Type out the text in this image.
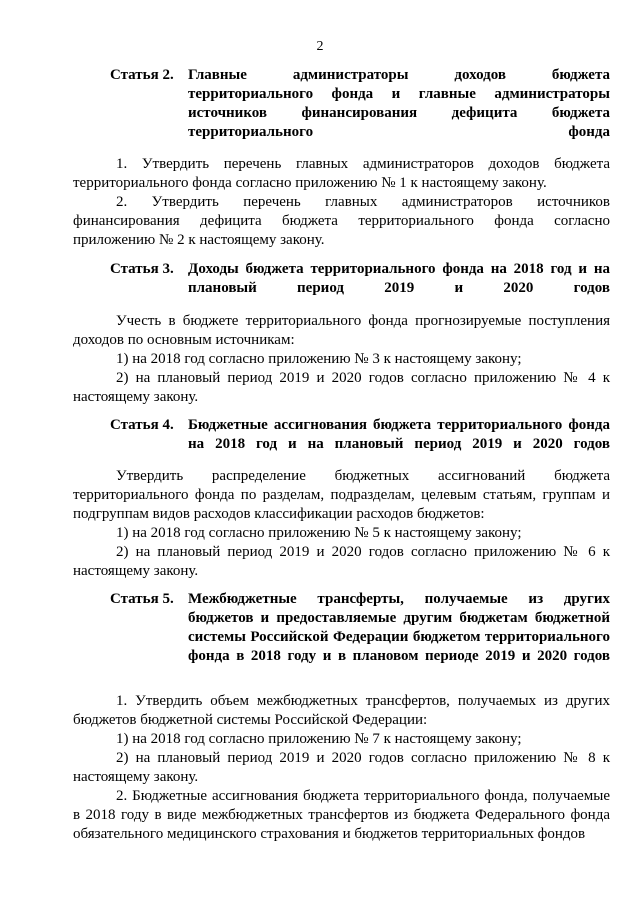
2
Статья 2. Главные администраторы доходов бюджета территориального фонда и главные администраторы источников финансирования дефицита бюджета территориального фонда
1. Утвердить перечень главных администраторов доходов бюджета территориального фонда согласно приложению № 1 к настоящему закону.
2. Утвердить перечень главных администраторов источников финансирования дефицита бюджета территориального фонда согласно приложению № 2 к настоящему закону.
Статья 3. Доходы бюджета территориального фонда на 2018 год и на плановый период 2019 и 2020 годов
Учесть в бюджете территориального фонда прогнозируемые поступления доходов по основным источникам:
1) на 2018 год согласно приложению № 3 к настоящему закону;
2) на плановый период 2019 и 2020 годов согласно приложению № 4 к настоящему закону.
Статья 4. Бюджетные ассигнования бюджета территориального фонда на 2018 год и на плановый период 2019 и 2020 годов
Утвердить распределение бюджетных ассигнований бюджета территориального фонда по разделам, подразделам, целевым статьям, группам и подгруппам видов расходов классификации расходов бюджетов:
1) на 2018 год согласно приложению № 5 к настоящему закону;
2) на плановый период 2019 и 2020 годов согласно приложению № 6 к настоящему закону.
Статья 5. Межбюджетные трансферты, получаемые из других бюджетов и предоставляемые другим бюджетам бюджетной системы Российской Федерации бюджетом территориального фонда в 2018 году и в плановом периоде 2019 и 2020 годов
1. Утвердить объем межбюджетных трансфертов, получаемых из других бюджетов бюджетной системы Российской Федерации:
1) на 2018 год согласно приложению № 7 к настоящему закону;
2) на плановый период 2019 и 2020 годов согласно приложению № 8 к настоящему закону.
2. Бюджетные ассигнования бюджета территориального фонда, получаемые в 2018 году в виде межбюджетных трансфертов из бюджета Федерального фонда обязательного медицинского страхования и бюджетов территориальных фондов
